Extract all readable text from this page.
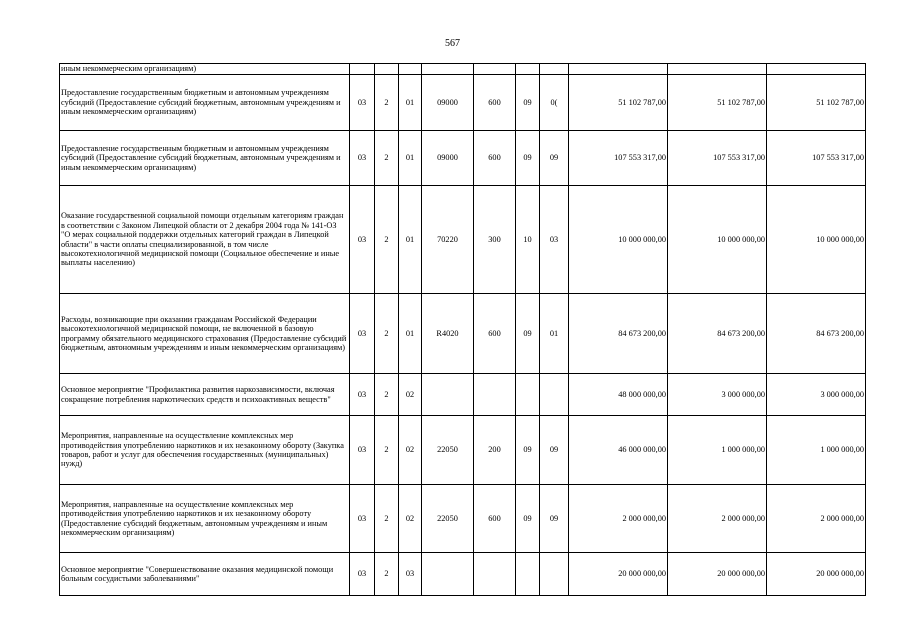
567
иным некоммерческим организациям)										
Предоставление государственным бюджетным и автономным учреждениям субсидий (Предоставление субсидий бюджетным, автономным учреждениям и иным некоммерческим организациям)	03	2	01	09000	600	09	0(	51 102 787,00	51 102 787,00	51 102 787,00
Предоставление государственным бюджетным и автономным учреждениям субсидий (Предоставление субсидий бюджетным, автономным учреждениям и иным некоммерческим организациям)	03	2	01	09000	600	09	09	107 553 317,00	107 553 317,00	107 553 317,00
Оказание государственной социальной помощи отдельным категориям граждан в соответствии с Законом Липецкой области от 2 декабря 2004 года № 141-ОЗ "О мерах социальной поддержки отдельных категорий граждан в Липецкой области" в части оплаты специализированной, в том числе высокотехнологичной медицинской помощи (Социальное обеспечение и иные выплаты населению)	03	2	01	70220	300	10	03	10 000 000,00	10 000 000,00	10 000 000,00
Расходы, возникающие при оказании гражданам Российской Федерации высокотехнологичной медицинской помощи, не включенной в базовую программу обязательного медицинского страхования (Предоставление субсидий бюджетным, автономным учреждениям и иным некоммерческим организациям)	03	2	01	R4020	600	09	01	84 673 200,00	84 673 200,00	84 673 200,00
Основное мероприятие "Профилактика развития наркозависимости, включая сокращение потребления наркотических средств и психоактивных веществ"	03	2	02					48 000 000,00	3 000 000,00	3 000 000,00
Мероприятия, направленные на осуществление комплексных мер противодействия употреблению наркотиков и их незаконному обороту (Закупка товаров, работ и услуг для обеспечения государственных (муниципальных) нужд)	03	2	02	22050	200	09	09	46 000 000,00	1 000 000,00	1 000 000,00
Мероприятия, направленные на осуществление комплексных мер противодействия употреблению наркотиков и их незаконному обороту (Предоставление субсидий бюджетным, автономным учреждениям и иным некоммерческим организациям)	03	2	02	22050	600	09	09	2 000 000,00	2 000 000,00	2 000 000,00
Основное мероприятие "Совершенствование оказания медицинской помощи больным сосудистыми заболеваниями"	03	2	03					20 000 000,00	20 000 000,00	20 000 000,00
